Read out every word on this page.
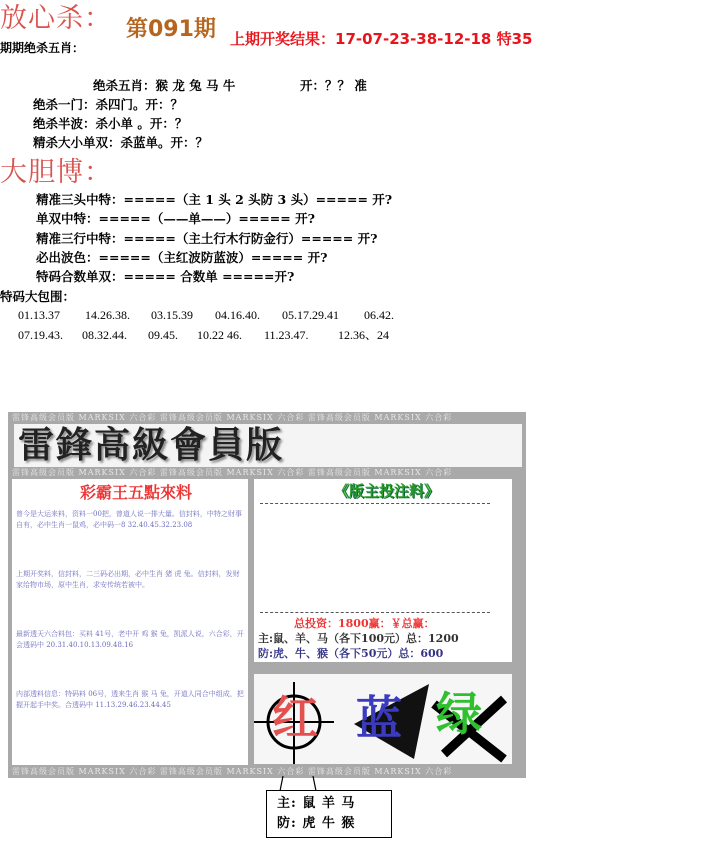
放心杀： 第091期 上期开奖结果：17-07-23-38-12-18 特35
期期绝杀五肖：
绝杀五肖：猴 龙 兔 马 牛	开：？？ 准
绝杀一门：杀四门。开：？
绝杀半波：杀小单 。开：？
精杀大小单双：杀蓝单。开：？
大胆博：
精准三头中特：=====（主 1 头 2 头防 3 头）===== 开?
单双中特：=====（——单——）===== 开?
精准三行中特：=====（主土行木行防金行）===== 开?
必出波色：=====（主红波防蓝波）===== 开?
特码合数单双：===== 合数单 =====开?
特码大包围：
01.13.37 14.26.38. 03.15.39 04.16.40. 05.17.29.41 06.42.
07.19.43. 08.32.44. 09.45. 10.22 46. 11.23.47. 12.36、24
雷锋高级会员版 MARKSIX 六合彩 雷锋高级会员版 MARKSIX 六合彩 雷锋高级会员版 MARKSIX 六合彩
雷鋒高級會員版
雷锋高级会员版 MARKSIX 六合彩 雷锋高级会员版 MARKSIX 六合彩 雷锋高级会员版 MARKSIX 六合彩
彩霸王五點來料
曾今是大运来料，资料一00把，曾道人说一排大量。信封料，中特之财事自有，必中生肖一鼠鸡，必中码一8 32.40.45.32.23.08
上期开奖料，信封料，二三码必出期，必中生肖 猪 虎 兔。信封料，发财家给物市场，原中生肖，求安传统若被中。
最新透天六合料包：买料 41号，老中开 鸡 猴 兔，凯派人说，六合彩，开会透码中 20.31.40.10.13.09.48.16
内部透料信息：特码料 06号，透来生肖 猴 马 兔，开道人同合中组成，把握开起手中奖。合透码中 11.13.29.46.23.44.45
《版主投注料》
总投资：1800赢：￥总赢：
主:鼠、羊、马（各下100元）总：1200
防:虎、牛、猴（各下50元）总：600
红 蓝 绿
雷锋高级会员版 MARKSIX 六合彩 雷锋高级会员版 MARKSIX 六合彩 雷锋高级会员版 MARKSIX 六合彩
主: 鼠 羊 马
防: 虎 牛 猴
